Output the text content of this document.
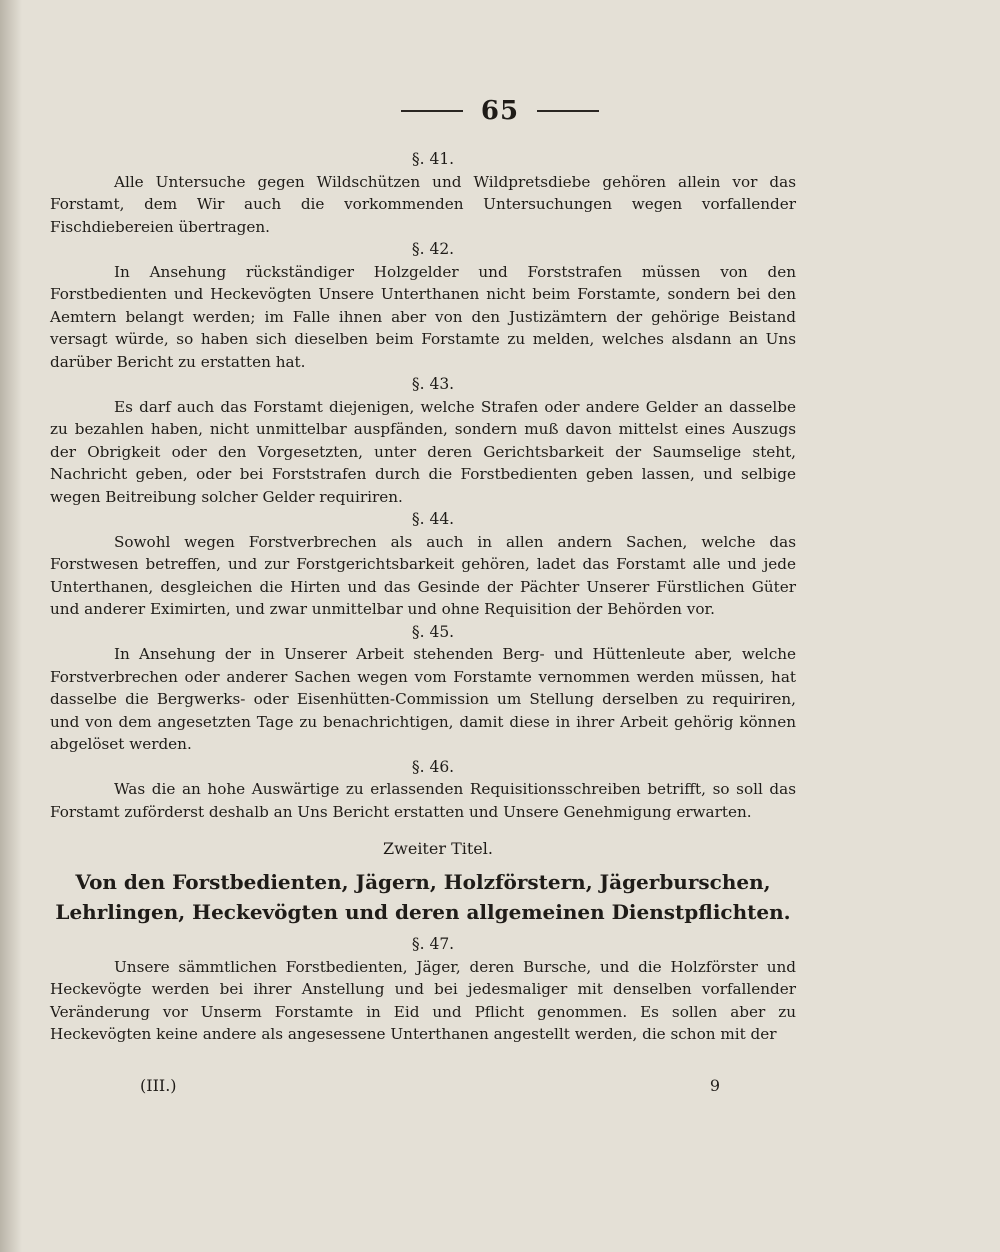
65

§. 41.

Alle Untersuche gegen Wildschützen und Wildpretsdiebe gehören allein vor das Forstamt, dem Wir auch die vorkommenden Untersuchungen wegen vorfallender Fischdiebereien übertragen.

§. 42.

In Ansehung rückständiger Holzgelder und Forststrafen müssen von den Forstbedienten und Heckevögten Unsere Unterthanen nicht beim Forstamte, sondern bei den Aemtern belangt werden; im Falle ihnen aber von den Justizämtern der gehörige Beistand versagt würde, so haben sich dieselben beim Forstamte zu melden, welches alsdann an Uns darüber Bericht zu erstatten hat.

§. 43.

Es darf auch das Forstamt diejenigen, welche Strafen oder andere Gelder an dasselbe zu bezahlen haben, nicht unmittelbar auspfänden, sondern muß davon mittelst eines Auszugs der Obrigkeit oder den Vorgesetzten, unter deren Gerichtsbarkeit der Saumselige steht, Nachricht geben, oder bei Forststrafen durch die Forstbedienten geben lassen, und selbige wegen Beitreibung solcher Gelder requiriren.

§. 44.

Sowohl wegen Forstverbrechen als auch in allen andern Sachen, welche das Forstwesen betreffen, und zur Forstgerichtsbarkeit gehören, ladet das Forstamt alle und jede Unterthanen, desgleichen die Hirten und das Gesinde der Pächter Unserer Fürstlichen Güter und anderer Eximirten, und zwar unmittelbar und ohne Requisition der Behörden vor.

§. 45.

In Ansehung der in Unserer Arbeit stehenden Berg- und Hüttenleute aber, welche Forstverbrechen oder anderer Sachen wegen vom Forstamte vernommen werden müssen, hat dasselbe die Bergwerks- oder Eisenhütten-Commission um Stellung derselben zu requiriren, und von dem angesetzten Tage zu benachrichtigen, damit diese in ihrer Arbeit gehörig können abgelöset werden.

§. 46.

Was die an hohe Auswärtige zu erlassenden Requisitionsschreiben betrifft, so soll das Forstamt zuförderst deshalb an Uns Bericht erstatten und Unsere Genehmigung erwarten.

Zweiter Titel.
Von den Forstbedienten, Jägern, Holzförstern, Jägerburschen, Lehrlingen, Heckevögten und deren allgemeinen Dienstpflichten.

§. 47.

Unsere sämmtlichen Forstbedienten, Jäger, deren Bursche, und die Holzförster und Heckevögte werden bei ihrer Anstellung und bei jedesmaliger mit denselben vorfallender Veränderung vor Unserm Forstamte in Eid und Pflicht genommen. Es sollen aber zu Heckevögten keine andere als angesessene Unterthanen angestellt werden, die schon mit der

(III.)	9
